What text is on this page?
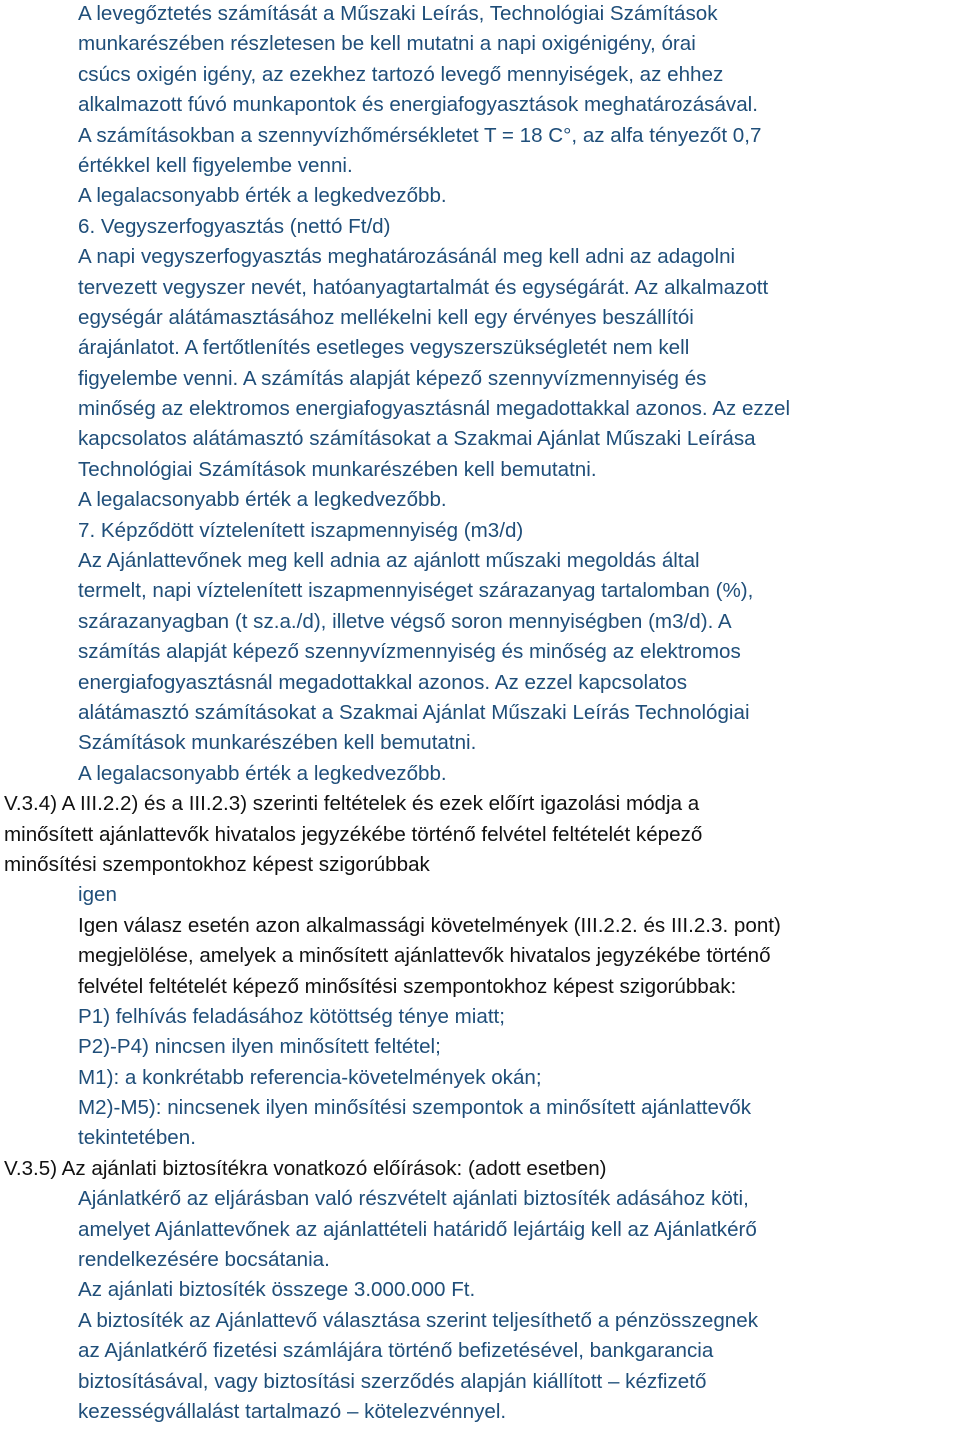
A levegőztetés számítását a Műszaki Leírás, Technológiai Számítások
munkarészében részletesen be kell mutatni a napi oxigénigény, órai
csúcs oxigén igény, az ezekhez tartozó levegő mennyiségek, az ehhez
alkalmazott fúvó munkapontok és energiafogyasztások meghatározásával.
A számításokban a szennyvízhőmérsékletet T = 18 C°, az alfa tényezőt 0,7
értékkel kell figyelembe venni.
A legalacsonyabb érték a legkedvezőbb.
6. Vegyszerfogyasztás (nettó Ft/d)
A napi vegyszerfogyasztás meghatározásánál meg kell adni az adagolni
tervezett vegyszer nevét, hatóanyagtartalmát és egységárát. Az alkalmazott
egységár alátámasztásához mellékelni kell egy érvényes beszállítói
árajánlatot. A fertőtlenítés esetleges vegyszerszükségletét nem kell
figyelembe venni. A számítás alapját képező szennyvízmennyiség és
minőség az elektromos energiafogyasztásnál megadottakkal azonos. Az ezzel
kapcsolatos alátámasztó számításokat a Szakmai Ajánlat Műszaki Leírása
Technológiai Számítások munkarészében kell bemutatni.
A legalacsonyabb érték a legkedvezőbb.
7. Képződött víztelenített iszapmennyiség (m3/d)
Az Ajánlattevőnek meg kell adnia az ajánlott műszaki megoldás által
termelt, napi víztelenített iszapmennyiséget szárazanyag tartalomban (%),
szárazanyagban (t sz.a./d), illetve végső soron mennyiségben (m3/d). A
számítás alapját képező szennyvízmennyiség és minőség az elektromos
energiafogyasztásnál megadottakkal azonos. Az ezzel kapcsolatos
alátámasztó számításokat a Szakmai Ajánlat Műszaki Leírás Technológiai
Számítások munkarészében kell bemutatni.
A legalacsonyabb érték a legkedvezőbb.
V.3.4) A III.2.2) és a III.2.3) szerinti feltételek és ezek előírt igazolási módja a
minősített ajánlattevők hivatalos jegyzékébe történő felvétel feltételét képező
minősítési szempontokhoz képest szigorúbbak
igen
Igen válasz esetén azon alkalmassági követelmények (III.2.2. és III.2.3. pont)
megjelölése, amelyek a minősített ajánlattevők hivatalos jegyzékébe történő
felvétel feltételét képező minősítési szempontokhoz képest szigorúbbak:
P1) felhívás feladásához kötöttség ténye miatt;
P2)-P4) nincsen ilyen minősített feltétel;
M1): a konkrétabb referencia-követelmények okán;
M2)-M5): nincsenek ilyen minősítési szempontok a minősített ajánlattevők
tekintetében.
V.3.5) Az ajánlati biztosítékra vonatkozó előírások: (adott esetben)
Ajánlatkérő az eljárásban való részvételt ajánlati biztosíték adásához köti,
amelyet Ajánlattevőnek az ajánlattételi határidő lejártáig kell az Ajánlatkérő
rendelkezésére bocsátania.
Az ajánlati biztosíték összege 3.000.000 Ft.
A biztosíték az Ajánlattevő választása szerint teljesíthető a pénzösszegnek
az Ajánlatkérő fizetési számlájára történő befizetésével, bankgarancia
biztosításával, vagy biztosítási szerződés alapján kiállított – kézfizető
kezességvállalást tartalmazó – kötelezvénnyel.
